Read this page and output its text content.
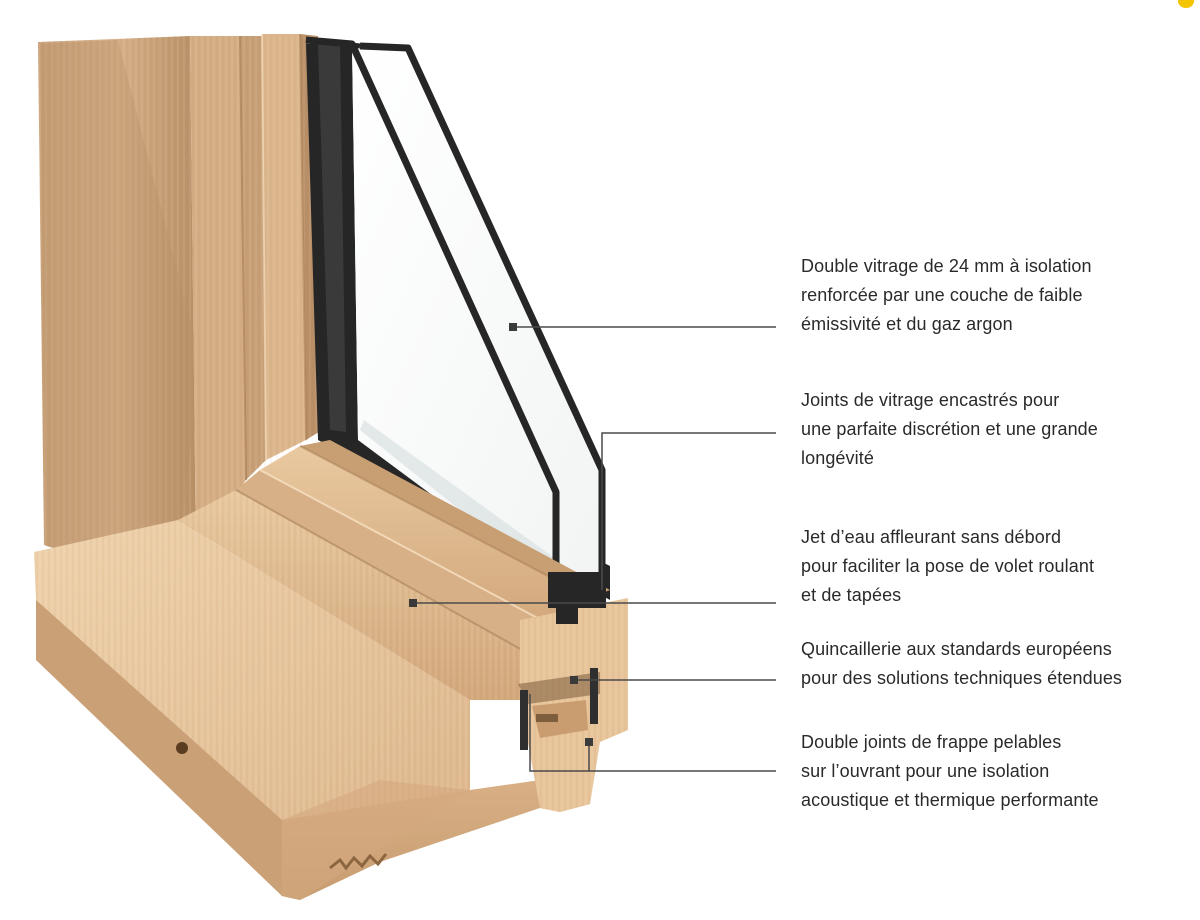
Double vitrage de 24 mm à isolation
renforcée par une couche de faible
émissivité et du gaz argon
Joints de vitrage encastrés pour
une parfaite discrétion et une grande
longévité
Jet d’eau affleurant sans débord
pour faciliter la pose de volet roulant
et de tapées
Quincaillerie aux standards européens
pour des solutions techniques étendues
Double joints de frappe pelables
sur l’ouvrant pour une isolation
acoustique et thermique performante
